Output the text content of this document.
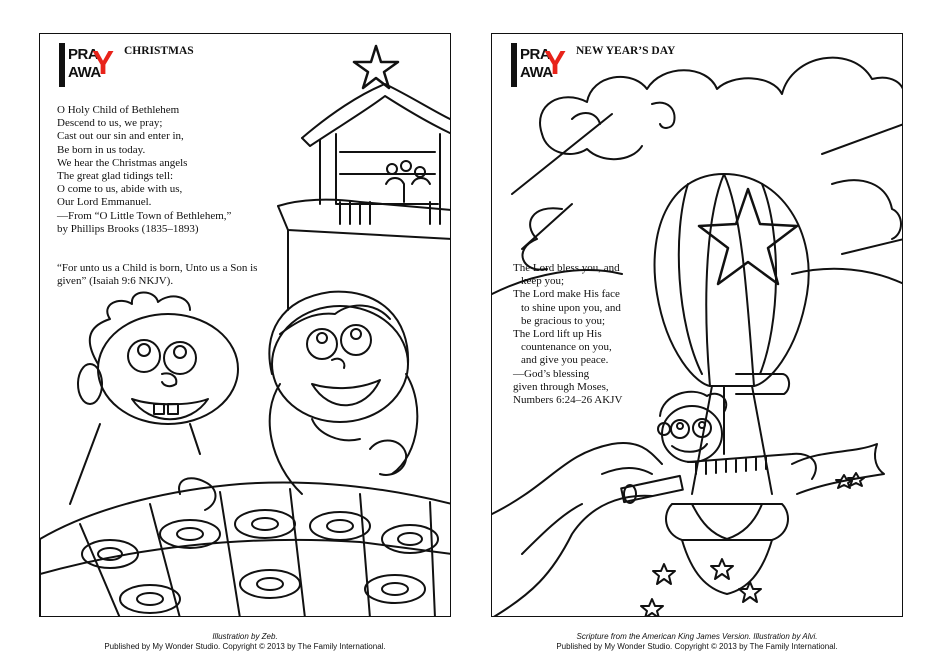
PRA
AWA
Y CHRISTMAS
O Holy Child of Bethlehem
Descend to us, we pray;
Cast out our sin and enter in,
Be born in us today.
We hear the Christmas angels
The great glad tidings tell:
O come to us, abide with us,
Our Lord Emmanuel.
—From “O Little Town of Bethlehem,”
by Phillips Brooks (1835–1893)
“For unto us a Child is born, Unto us a Son is given” (Isaiah 9:6 NKJV).
PRA
AWA
Y NEW YEAR’S DAY
The Lord bless you, and
keep you;
The Lord make His face
to shine upon you, and
be gracious to you;
The Lord lift up His
countenance on you,
and give you peace.
—God’s blessing
given through Moses,
Numbers 6:24–26 AKJV
Illustration by Zeb.
Published by My Wonder Studio. Copyright © 2013 by The Family International.
Scripture from the American King James Version. Illustration by Alvi.
Published by My Wonder Studio. Copyright © 2013 by The Family International.
